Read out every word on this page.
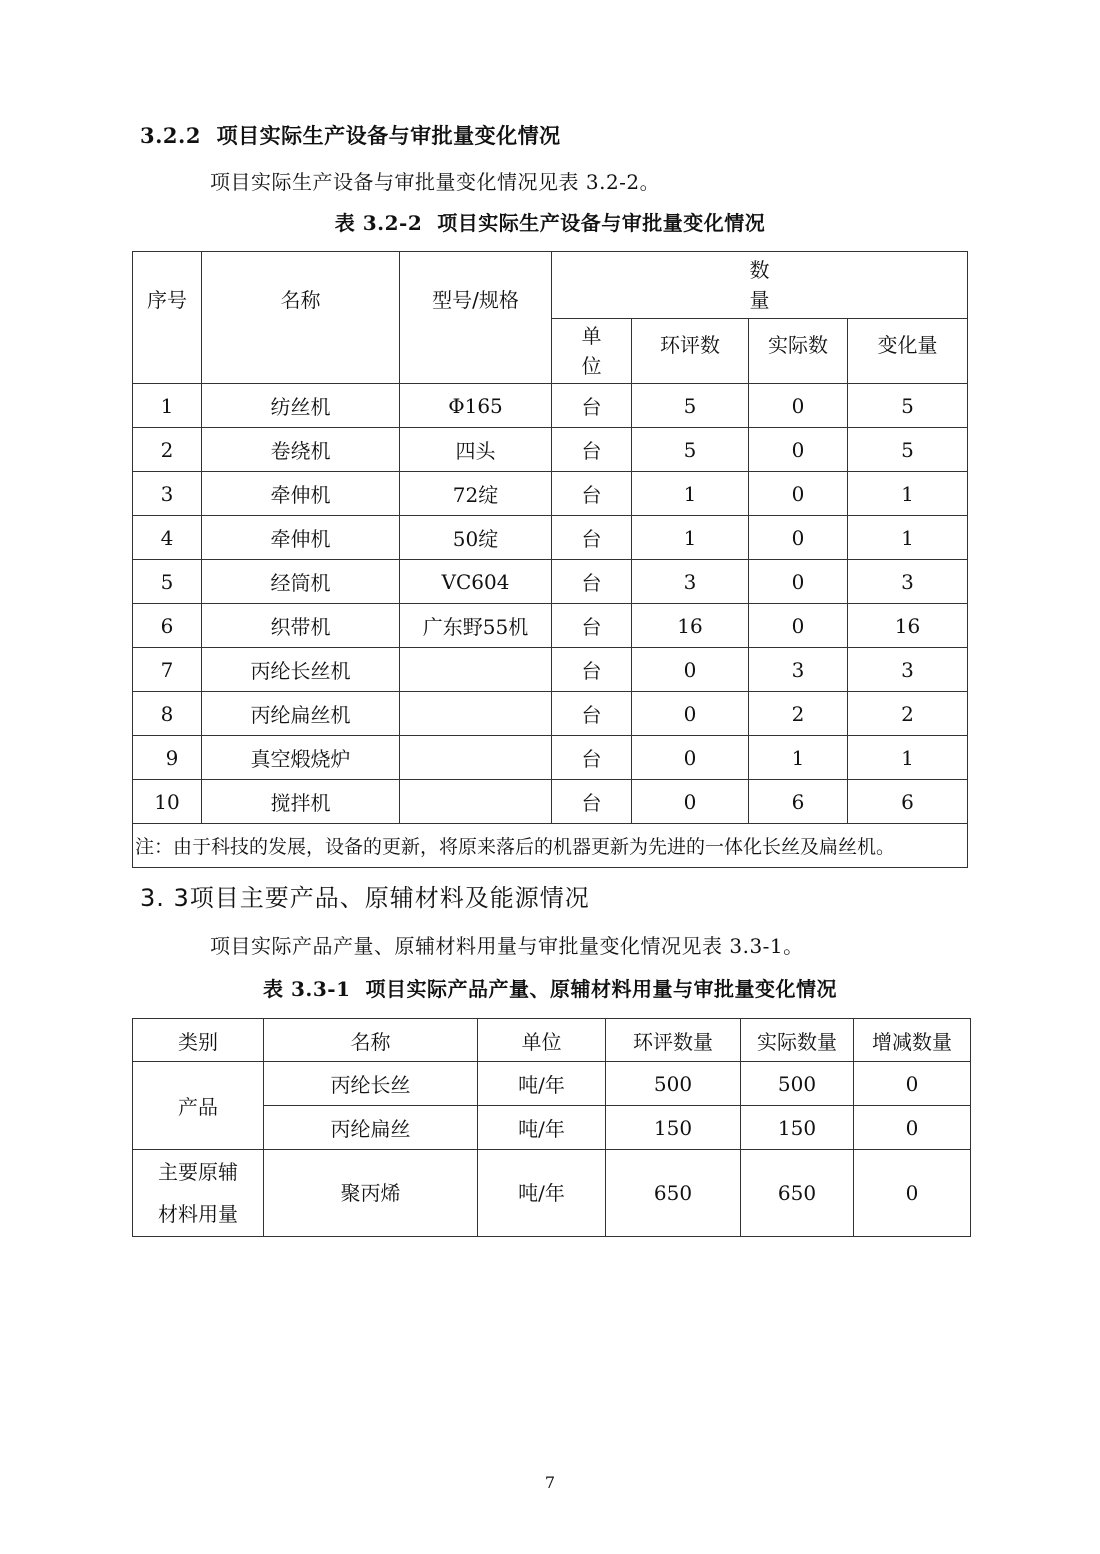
3.2.2  项目实际生产设备与审批量变化情况
项目实际生产设备与审批量变化情况见表 3.2-2。
表 3.2-2  项目实际生产设备与审批量变化情况
序号	名称	型号/规格	数
量			
			单
位	环评数	实际数	变化量
1	纺丝机	Φ165	台	5	0	5
2	卷绕机	四头	台	5	0	5
3	牵伸机	72绽	台	1	0	1
4	牵伸机	50绽	台	1	0	1
5	经筒机	VC604	台	3	0	3
6	织带机	广东野55机	台	16	0	16
7	丙纶长丝机		台	0	3	3
8	丙纶扁丝机		台	0	2	2
9	真空煅烧炉		台	0	1	1
10	搅拌机		台	0	6	6
注：由于科技的发展，设备的更新，将原来落后的机器更新为先进的一体化长丝及扁丝机。						
3. 3项目主要产品、原辅材料及能源情况
项目实际产品产量、原辅材料用量与审批量变化情况见表 3.3-1。
表 3.3-1  项目实际产品产量、原辅材料用量与审批量变化情况
类别	名称	单位	环评数量	实际数量	增减数量
产品	丙纶长丝	吨/年	500	500	0
	丙纶扁丝	吨/年	150	150	0
主要原辅
材料用量	聚丙烯	吨/年	650	650	0
7
